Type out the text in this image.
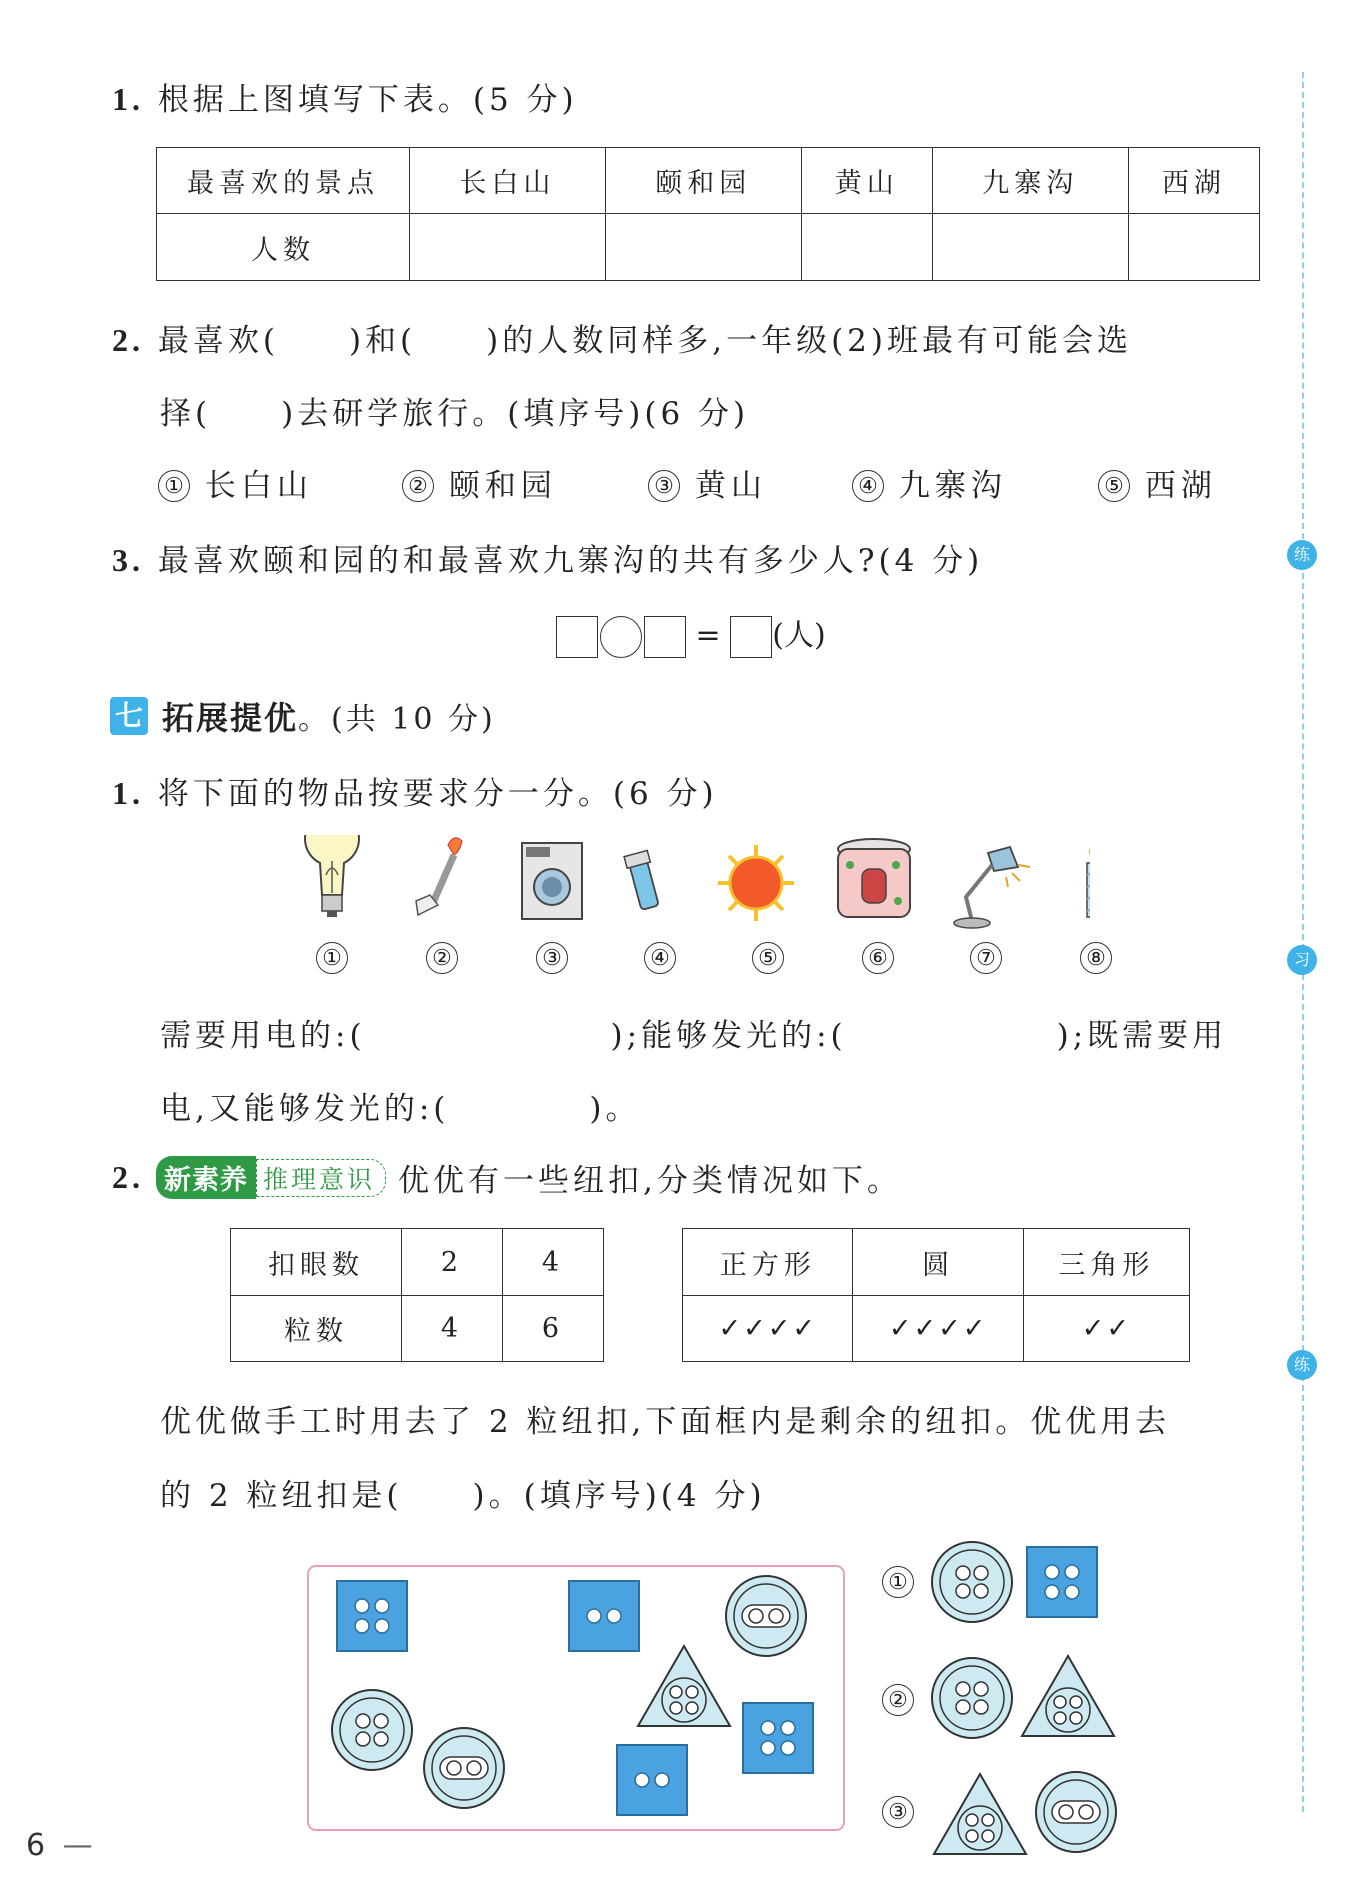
1. 根据上图填写下表。(5 分)
最喜欢的景点	长白山	颐和园	黄山	九寨沟	西湖
人数					
2. 最喜欢(　　)和(　　)的人数同样多,一年级(2)班最有可能会选
择(　　)去研学旅行。(填序号)(6 分)
① 长白山	② 颐和园	③ 黄山	④ 九寨沟	⑤ 西湖
3. 最喜欢颐和园的和最喜欢九寨沟的共有多少人?(4 分)
= (人)
七 拓展提优 。(共 10 分)
1. 将下面的物品按要求分一分。(6 分)
①	②	③	④	⑤	⑥	⑦	⑧
需要用电的:(　　　　　　　);能够发光的:(　　　　　　);既需要用
电,又能够发光的:(　　　　)。
2. 新素养 推理意识 优优有一些纽扣,分类情况如下。
扣眼数	2	4
粒数	4	6
正方形	圆	三角形
✓✓✓✓	✓✓✓✓	✓✓
优优做手工时用去了 2 粒纽扣,下面框内是剩余的纽扣。优优用去
的 2 粒纽扣是(　　)。(填序号)(4 分)
①
②
③
练
习
练
6 —
